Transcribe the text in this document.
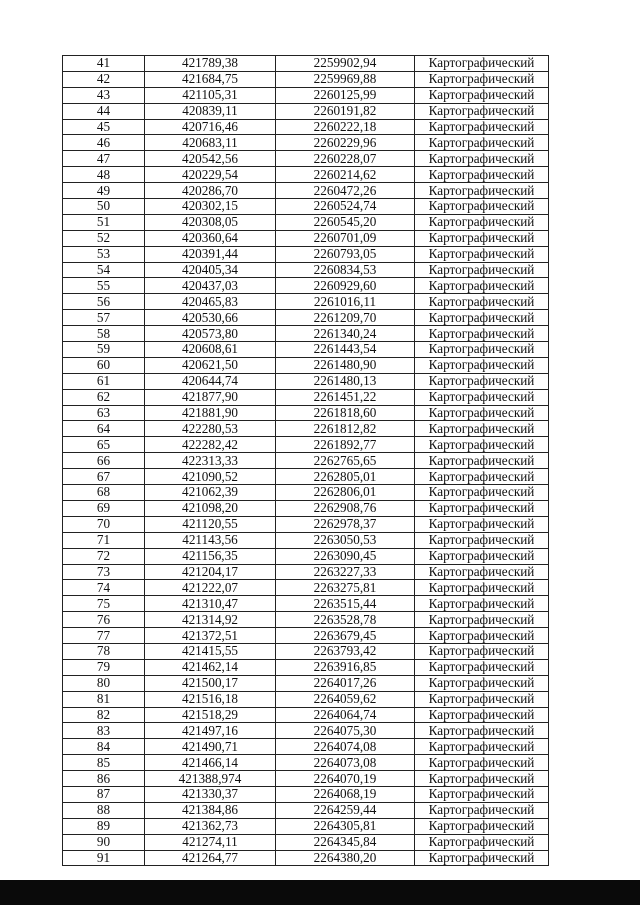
41	421789,38	2259902,94	Картографический
42	421684,75	2259969,88	Картографический
43	421105,31	2260125,99	Картографический
44	420839,11	2260191,82	Картографический
45	420716,46	2260222,18	Картографический
46	420683,11	2260229,96	Картографический
47	420542,56	2260228,07	Картографический
48	420229,54	2260214,62	Картографический
49	420286,70	2260472,26	Картографический
50	420302,15	2260524,74	Картографический
51	420308,05	2260545,20	Картографический
52	420360,64	2260701,09	Картографический
53	420391,44	2260793,05	Картографический
54	420405,34	2260834,53	Картографический
55	420437,03	2260929,60	Картографический
56	420465,83	2261016,11	Картографический
57	420530,66	2261209,70	Картографический
58	420573,80	2261340,24	Картографический
59	420608,61	2261443,54	Картографический
60	420621,50	2261480,90	Картографический
61	420644,74	2261480,13	Картографический
62	421877,90	2261451,22	Картографический
63	421881,90	2261818,60	Картографический
64	422280,53	2261812,82	Картографический
65	422282,42	2261892,77	Картографический
66	422313,33	2262765,65	Картографический
67	421090,52	2262805,01	Картографический
68	421062,39	2262806,01	Картографический
69	421098,20	2262908,76	Картографический
70	421120,55	2262978,37	Картографический
71	421143,56	2263050,53	Картографический
72	421156,35	2263090,45	Картографический
73	421204,17	2263227,33	Картографический
74	421222,07	2263275,81	Картографический
75	421310,47	2263515,44	Картографический
76	421314,92	2263528,78	Картографический
77	421372,51	2263679,45	Картографический
78	421415,55	2263793,42	Картографический
79	421462,14	2263916,85	Картографический
80	421500,17	2264017,26	Картографический
81	421516,18	2264059,62	Картографический
82	421518,29	2264064,74	Картографический
83	421497,16	2264075,30	Картографический
84	421490,71	2264074,08	Картографический
85	421466,14	2264073,08	Картографический
86	421388,974	2264070,19	Картографический
87	421330,37	2264068,19	Картографический
88	421384,86	2264259,44	Картографический
89	421362,73	2264305,81	Картографический
90	421274,11	2264345,84	Картографический
91	421264,77	2264380,20	Картографический
